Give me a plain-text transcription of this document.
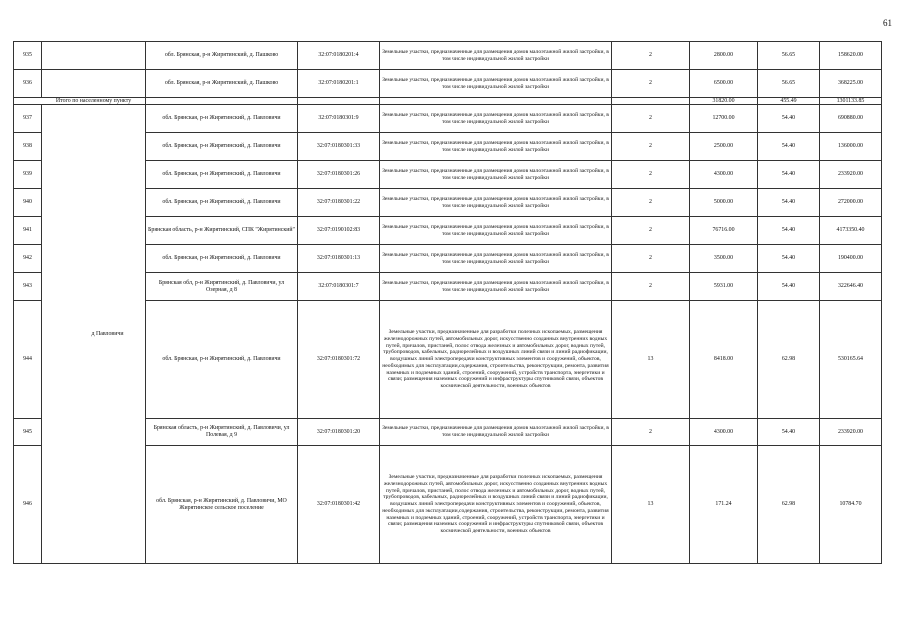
61
935		обл. Брянская, р-н Жирятинский, д. Пашково	32:07:0180201:4	Земельные участки, предназначенные для размещения домов малоэтажной жилой застройки, в том числе индивидуальной жилой застройки	2	2800.00	56.65	158620.00
936		обл. Брянская, р-н Жирятинский, д. Пашково	32:07:0180201:1	Земельные участки, предназначенные для размещения домов малоэтажной жилой застройки, в том числе индивидуальной жилой застройки	2	6500.00	56.65	368225.00
Итого по населенному пункту						31820.00	455.49	1301133.85
937	д Павловичи	обл. Брянская, р-н Жирятинский, д. Павловичи	32:07:0180301:9	Земельные участки, предназначенные для размещения домов малоэтажной жилой застройки, в том числе индивидуальной жилой застройки	2	12700.00	54.40	690880.00
938		обл. Брянская, р-н Жирятинский, д. Павловичи	32:07:0180301:33	Земельные участки, предназначенные для размещения домов малоэтажной жилой застройки, в том числе индивидуальной жилой застройки	2	2500.00	54.40	136000.00
939		обл. Брянская, р-н Жирятинский, д. Павловичи	32:07:0180301:26	Земельные участки, предназначенные для размещения домов малоэтажной жилой застройки, в том числе индивидуальной жилой застройки	2	4300.00	54.40	233920.00
940		обл. Брянская, р-н Жирятинский, д. Павловичи	32:07:0180301:22	Земельные участки, предназначенные для размещения домов малоэтажной жилой застройки, в том числе индивидуальной жилой застройки	2	5000.00	54.40	272000.00
941		Брянская область, р-н Жирятинский, СПК "Жирятинский"	32:07:0190102:83	Земельные участки, предназначенные для размещения домов малоэтажной жилой застройки, в том числе индивидуальной жилой застройки	2	76716.00	54.40	4173350.40
942		обл. Брянская, р-н Жирятинский, д. Павловичи	32:07:0180301:13	Земельные участки, предназначенные для размещения домов малоэтажной жилой застройки, в том числе индивидуальной жилой застройки	2	3500.00	54.40	190400.00
943		Брянская обл, р-н Жирятинский, д. Павловичи, ул Озерная, д 8	32:07:0180301:7	Земельные участки, предназначенные для размещения домов малоэтажной жилой застройки, в том числе индивидуальной жилой застройки	2	5931.00	54.40	322646.40
944		обл. Брянская, р-н Жирятинский, д. Павловичи	32:07:0180301:72	Земельные участки, предназначенные для разработки полезных ископаемых, размещения железнодорожных путей, автомобильных дорог, искусственно созданных внутренних водных путей, причалов, пристаней, полос отвода железных и автомобильных дорог, водных путей, трубопроводов, кабельных, радиорелейных и воздушных линий связи и линий радиофикации, воздушных линий электропередачи конструктивных элементов и сооружений, объектов, необходимых для эксплуатации,содержания, строительства, реконструкции, ремонта, развития наземных и подземных зданий, строений, сооружений, устройств транспорта, энергетики и связи; размещения наземных сооружений и инфраструктуры спутниковой связи, объектов космической деятельности, военных объектов	13	8418.00	62.98	530165.64
945		Брянская область, р-н Жирятинский, д. Павловичи, ул Полевая, д 9	32:07:0180301:20	Земельные участки, предназначенные для размещения домов малоэтажной жилой застройки, в том числе индивидуальной жилой застройки	2	4300.00	54.40	233920.00
946		обл. Брянская, р-н Жирятинский, д. Павловичи, МО Жирятинское сельское поселение	32:07:0180301:42	Земельные участки, предназначенные для разработки полезных ископаемых, размещения железнодорожных путей, автомобильных дорог, искусственно созданных внутренних водных путей, причалов, пристаней, полос отвода железных и автомобильных дорог, водных путей, трубопроводов, кабельных, радиорелейных и воздушных линий связи и линий радиофикации, воздушных линий электропередачи конструктивных элементов и сооружений, объектов, необходимых для эксплуатации,содержания, строительства, реконструкции, ремонта, развития наземных и подземных зданий, строений, сооружений, устройств транспорта, энергетики и связи; размещения наземных сооружений и инфраструктуры спутниковой связи, объектов космической деятельности, военных объектов	13	171.24	62.98	10784.70
